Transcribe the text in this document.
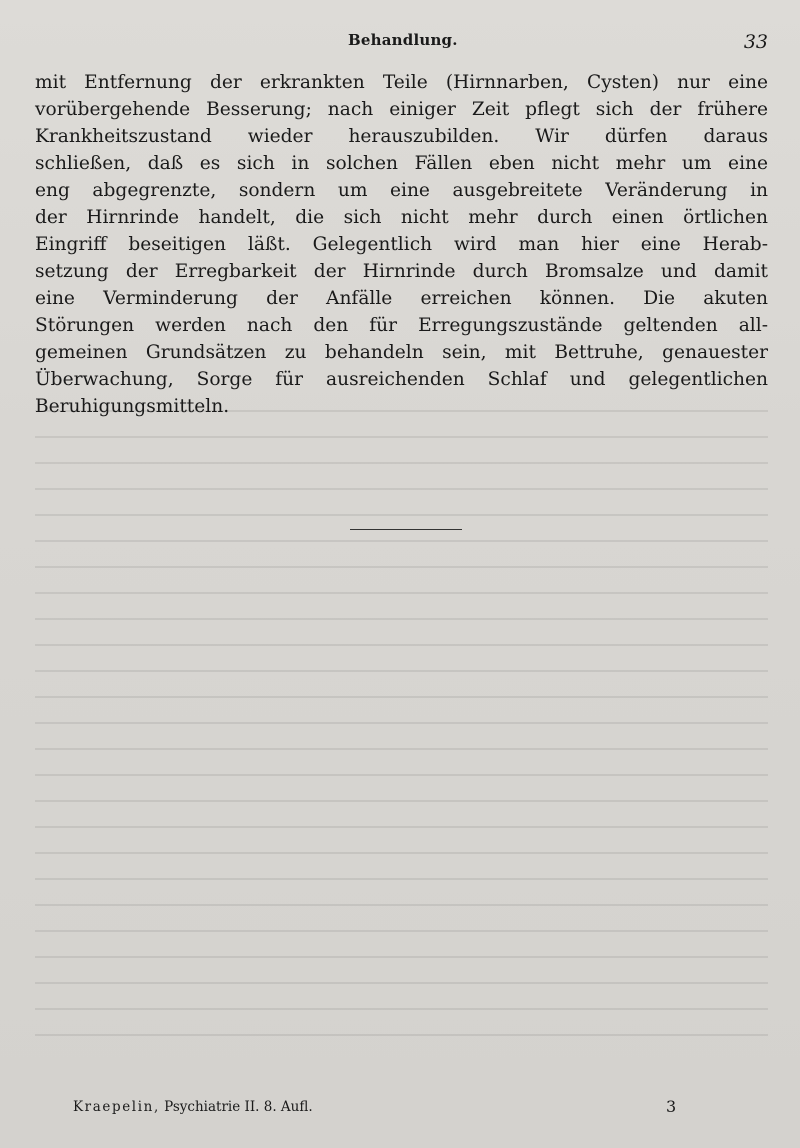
Behandlung.	33
mit Entfernung der erkrankten Teile (Hirnnarben, Cysten) nur eine
vorübergehende Besserung; nach einiger Zeit pflegt sich der frühere
Krankheitszustand wieder herauszubilden. Wir dürfen daraus
schließen, daß es sich in solchen Fällen eben nicht mehr um eine
eng abgegrenzte, sondern um eine ausgebreitete Veränderung in
der Hirnrinde handelt, die sich nicht mehr durch einen örtlichen
Eingriff beseitigen läßt. Gelegentlich wird man hier eine Herab-
setzung der Erregbarkeit der Hirnrinde durch Bromsalze und damit
eine Verminderung der Anfälle erreichen können. Die akuten
Störungen werden nach den für Erregungszustände geltenden all-
gemeinen Grundsätzen zu behandeln sein, mit Bettruhe, genauester
Überwachung, Sorge für ausreichenden Schlaf und gelegentlichen
Beruhigungsmitteln.
Kraepelin, Psychiatrie II. 8. Aufl.	3
